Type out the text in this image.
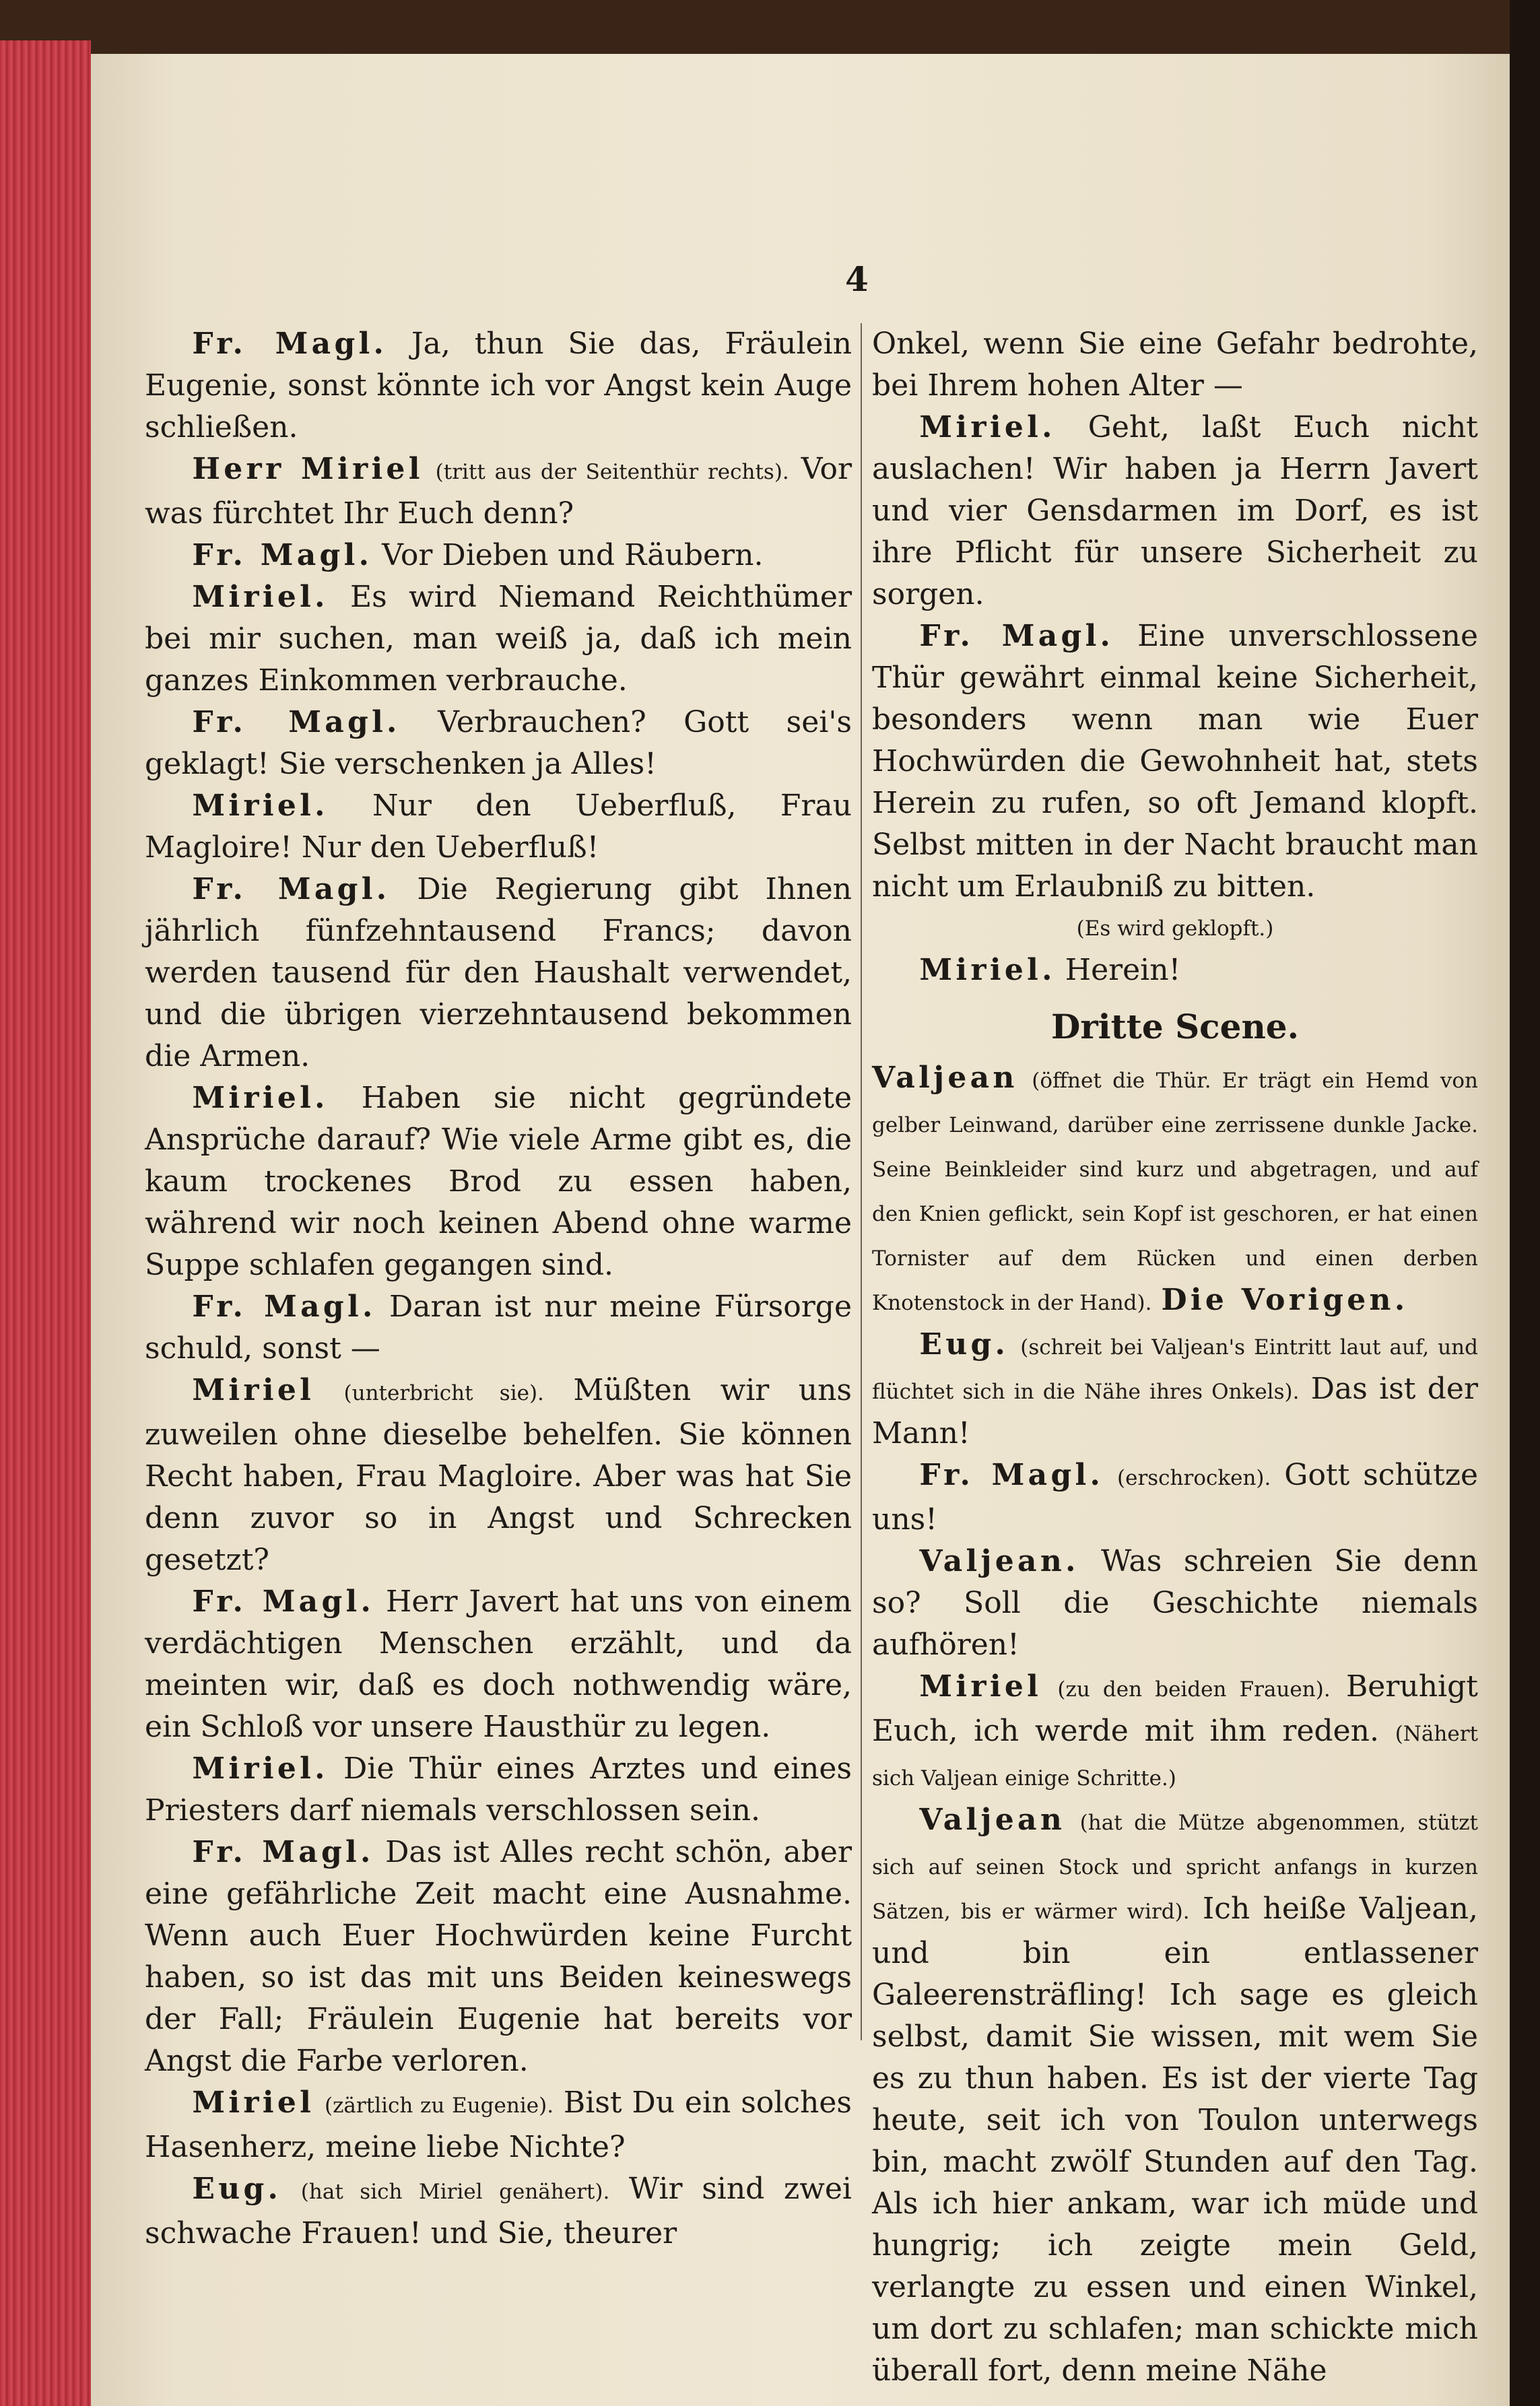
4

Fr. Magl. Ja, thun Sie das, Fräulein Eugenie, sonst könnte ich vor Angst kein Auge schließen.

Herr Miriel (tritt aus der Seitenthür rechts). Vor was fürchtet Ihr Euch denn?

Fr. Magl. Vor Dieben und Räubern.

Miriel. Es wird Niemand Reichthümer bei mir suchen, man weiß ja, daß ich mein ganzes Einkommen verbrauche.

Fr. Magl. Verbrauchen? Gott sei's geklagt! Sie verschenken ja Alles!

Miriel. Nur den Ueberfluß, Frau Magloire! Nur den Ueberfluß!

Fr. Magl. Die Regierung gibt Ihnen jährlich fünfzehntausend Francs; davon werden tausend für den Haushalt verwendet, und die übrigen vierzehntausend bekommen die Armen.

Miriel. Haben sie nicht gegründete Ansprüche darauf? Wie viele Arme gibt es, die kaum trockenes Brod zu essen haben, während wir noch keinen Abend ohne warme Suppe schlafen gegangen sind.

Fr. Magl. Daran ist nur meine Fürsorge schuld, sonst —

Miriel (unterbricht sie). Müßten wir uns zuweilen ohne dieselbe behelfen. Sie können Recht haben, Frau Magloire. Aber was hat Sie denn zuvor so in Angst und Schrecken gesetzt?

Fr. Magl. Herr Javert hat uns von einem verdächtigen Menschen erzählt, und da meinten wir, daß es doch nothwendig wäre, ein Schloß vor unsere Hausthür zu legen.

Miriel. Die Thür eines Arztes und eines Priesters darf niemals verschlossen sein.

Fr. Magl. Das ist Alles recht schön, aber eine gefährliche Zeit macht eine Ausnahme. Wenn auch Euer Hochwürden keine Furcht haben, so ist das mit uns Beiden keineswegs der Fall; Fräulein Eugenie hat bereits vor Angst die Farbe verloren.

Miriel (zärtlich zu Eugenie). Bist Du ein solches Hasenherz, meine liebe Nichte?

Eug. (hat sich Miriel genähert). Wir sind zwei schwache Frauen! und Sie, theurer

Onkel, wenn Sie eine Gefahr bedrohte, bei Ihrem hohen Alter —

Miriel. Geht, laßt Euch nicht auslachen! Wir haben ja Herrn Javert und vier Gensdarmen im Dorf, es ist ihre Pflicht für unsere Sicherheit zu sorgen.

Fr. Magl. Eine unverschlossene Thür gewährt einmal keine Sicherheit, besonders wenn man wie Euer Hochwürden die Gewohnheit hat, stets Herein zu rufen, so oft Jemand klopft. Selbst mitten in der Nacht braucht man nicht um Erlaubniß zu bitten.

(Es wird geklopft.)

Miriel. Herein!

Dritte Scene.

Valjean (öffnet die Thür. Er trägt ein Hemd von gelber Leinwand, darüber eine zerrissene dunkle Jacke. Seine Beinkleider sind kurz und abgetragen, und auf den Knien geflickt, sein Kopf ist geschoren, er hat einen Tornister auf dem Rücken und einen derben Knotenstock in der Hand). Die Vorigen.

Eug. (schreit bei Valjean's Eintritt laut auf, und flüchtet sich in die Nähe ihres Onkels). Das ist der Mann!

Fr. Magl. (erschrocken). Gott schütze uns!

Valjean. Was schreien Sie denn so? Soll die Geschichte niemals aufhören!

Miriel (zu den beiden Frauen). Beruhigt Euch, ich werde mit ihm reden. (Nähert sich Valjean einige Schritte.)

Valjean (hat die Mütze abgenommen, stützt sich auf seinen Stock und spricht anfangs in kurzen Sätzen, bis er wärmer wird). Ich heiße Valjean, und bin ein entlassener Galeerensträfling! Ich sage es gleich selbst, damit Sie wissen, mit wem Sie es zu thun haben. Es ist der vierte Tag heute, seit ich von Toulon unterwegs bin, macht zwölf Stunden auf den Tag. Als ich hier ankam, war ich müde und hungrig; ich zeigte mein Geld, verlangte zu essen und einen Winkel, um dort zu schlafen; man schickte mich überall fort, denn meine Nähe
